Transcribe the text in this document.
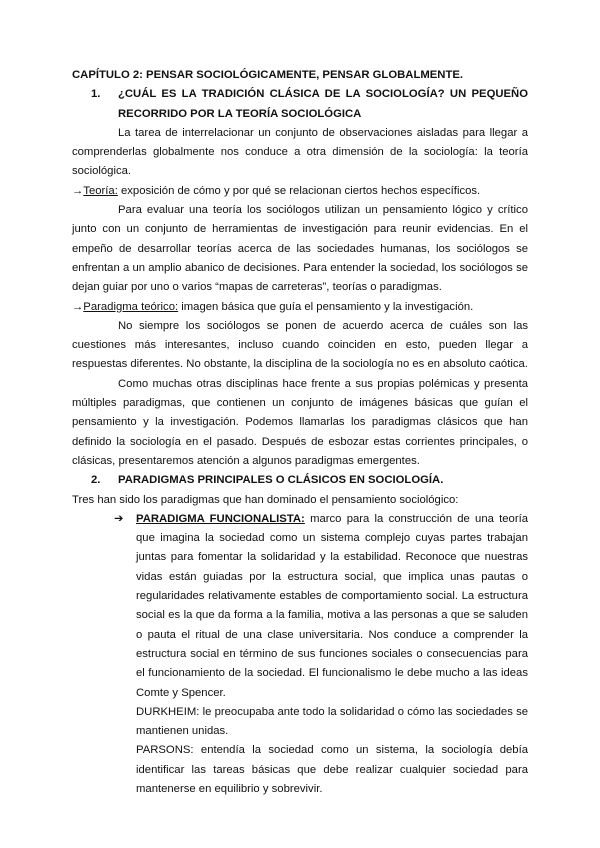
CAPÍTULO 2: PENSAR SOCIOLÓGICAMENTE, PENSAR GLOBALMENTE.

1. ¿CUÁL ES LA TRADICIÓN CLÁSICA DE LA SOCIOLOGÍA? UN PEQUEÑO RECORRIDO POR LA TEORÍA SOCIOLÓGICA

La tarea de interrelacionar un conjunto de observaciones aisladas para llegar a comprenderlas globalmente nos conduce a otra dimensión de la sociología: la teoría sociológica.

→Teoría: exposición de cómo y por qué se relacionan ciertos hechos específicos.

Para evaluar una teoría los sociólogos utilizan un pensamiento lógico y crítico junto con un conjunto de herramientas de investigación para reunir evidencias. En el empeño de desarrollar teorías acerca de las sociedades humanas, los sociólogos se enfrentan a un amplio abanico de decisiones. Para entender la sociedad, los sociólogos se dejan guiar por uno o varios “mapas de carreteras”, teorías o paradigmas.

→Paradigma teórico: imagen básica que guía el pensamiento y la investigación.

No siempre los sociólogos se ponen de acuerdo acerca de cuáles son las cuestiones más interesantes, incluso cuando coinciden en esto, pueden llegar a respuestas diferentes. No obstante, la disciplina de la sociología no es en absoluto caótica.

Como muchas otras disciplinas hace frente a sus propias polémicas y presenta múltiples paradigmas, que contienen un conjunto de imágenes básicas que guían el pensamiento y la investigación. Podemos llamarlas los paradigmas clásicos que han definido la sociología en el pasado. Después de esbozar estas corrientes principales, o clásicas, presentaremos atención a algunos paradigmas emergentes.

2. PARADIGMAS PRINCIPALES O CLÁSICOS EN SOCIOLOGÍA.

Tres han sido los paradigmas que han dominado el pensamiento sociológico:

➔ PARADIGMA FUNCIONALISTA: marco para la construcción de una teoría que imagina la sociedad como un sistema complejo cuyas partes trabajan juntas para fomentar la solidaridad y la estabilidad. Reconoce que nuestras vidas están guiadas por la estructura social, que implica unas pautas o regularidades relativamente estables de comportamiento social. La estructura social es la que da forma a la familia, motiva a las personas a que se saluden o pauta el ritual de una clase universitaria. Nos conduce a comprender la estructura social en término de sus funciones sociales o consecuencias para el funcionamiento de la sociedad. El funcionalismo le debe mucho a las ideas Comte y Spencer.

DURKHEIM: le preocupaba ante todo la solidaridad o cómo las sociedades se mantienen unidas.

PARSONS: entendía la sociedad como un sistema, la sociología debía identificar las tareas básicas que debe realizar cualquier sociedad para mantenerse en equilibrio y sobrevivir.
